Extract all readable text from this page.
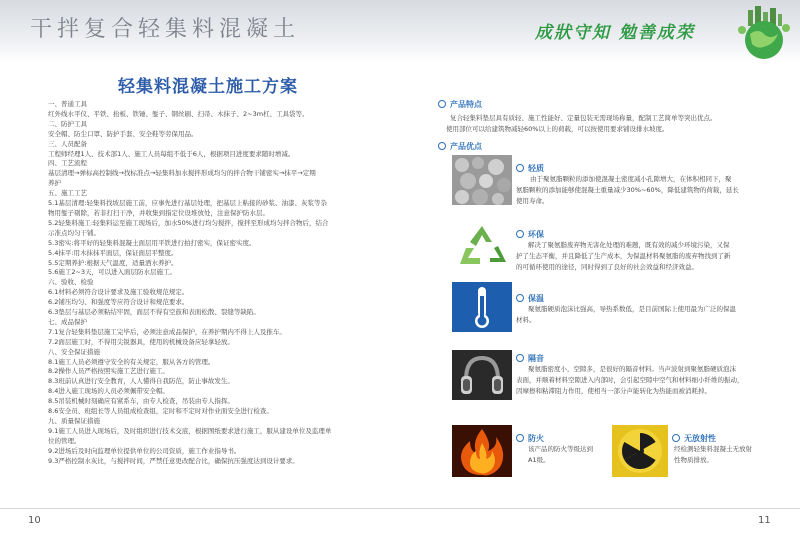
干拌复合轻集料混凝土	成狀守知 勉善成荣
轻集料混凝土施工方案

一、普通工具

红外线水平仪、平铁、抬板、铁锤、錾子、钢丝刷、扫帚、木抹子、2~3m杠、工具袋等。

二、防护工具

安全帽、防尘口罩、防护手套、安全鞋等劳保用品。

三、人员配备

工程师经理1人、技术部1人、施工人员每组不低于6人，根据项目进度要求随时增减。

四、工艺流程

基层清理→弹标高控制线→找标准点→轻集料加水搅拌形成均匀的拌合物干铺密实→抹平→定期

养护

五、施工工艺

5.1基层清理:轻集料找坡层施工前，应事先进行基层处理，把基层上粘接的砂浆、油漆、灰浆等杂

物用錾子剔除，若非打扫干净，并收集到指定位设堆放处，注意保护防水层。

5.2轻集料施工:轻集料运至施工现场后，加水50%进行均匀搅拌，搅拌至形成均匀拌合物后，结合

示准点均匀干铺。

5.3密实:将平好的轻集料混凝土面层用平铁进行拍打密实，保证密实度。

5.4抹平:用木抹抹平面层，保证面层平整度。

5.5定期养护:根据天气温度，适量洒水养护。

5.6施工2~3天，可以进入面层防水层施工。

六、验收、检验

6.1材料必须符合设计要求及施工验收规范规定。

6.2铺压均匀、和强度等应符合设计和规范要求。

6.3垫层与基层必须粘结牢固，面层不得有空鼓和表面松散、裂缝等缺陷。

七、成品保护

7.1复合轻集料垫层施工完毕后，必须注意成品保护，在养护期内不得上人及推车。

7.2面层施工时，不得用尖锐器具，使用的机械设备应轻拿轻放。

八、安全保证措施

8.1施工人员必须遵守安全的有关规定，服从各方的管理。

8.2操作人员严格按照实施工艺进行施工。

8.3班前认真进行安全教育，人人懂得自我防范，防止事故发生。

8.4进入施工现场的人员必须佩带安全帽。

8.5吊装机械时刻确应有紧系车，由专人检查，吊装由专人指挥。

8.6安全员、班组长等人员组成检查组，定时和不定时对作业面安全进行检查。

九、质量保证措施

9.1施工人员进入现场后，及时组织进行技术交底，根据图纸要求进行施工，服从建设单位及监理单

位的管理。

9.2进场后及时向监理单位提供单位的公司资质，施工作业指导书。

9.3严格控制水灰比，与搅拌时间，严禁任意更改配合比，确保抗压强度达到设计要求。

产品特点
复合轻集料垫层具有质轻、施工性能好、定量包装无需现场称量，配制工艺简单等突出优点。
使用部位可以给建筑物减轻60%以上的荷载，可以按使用要求铺设排水坡度。
产品优点
轻质
由于聚氨脂颗粒的添加使混凝土密度减小孔隙增大，在体积相同下，聚
氨脂颗粒的添加能够使混凝土重量减少30%~60%，降低建筑物的荷载，延长
使用寿命。
环保
解决了聚氨脂废弃物无害化处理的难题，既有效的减少环境污染，又保
护了生态平衡，并且降低了生产成本，为保温材料聚氨脂的废弃物找到了新
的可循环使用的途径，同时得到了良好的社会效益和经济效益。
保温
聚氨脂硬质泡沫比强高，导热系数低，是目前国际上使用最为广泛的保温
材料。
隔音
聚氨脂密度小，空隙多，是很好的隔音材料。当声波射到聚氨脂硬质泡沫
表面，并顺着材料空隙进入内部时，会引起空隙中空气和材料细小纤维的振动，
因摩擦和粘滞阻力作用，使相当一部分声能转化为热能而被消耗掉。
防火
该产品的防火等级达到
A1级。
无放射性
经检测轻集料混凝土无放射
性物质排放。
10	11
